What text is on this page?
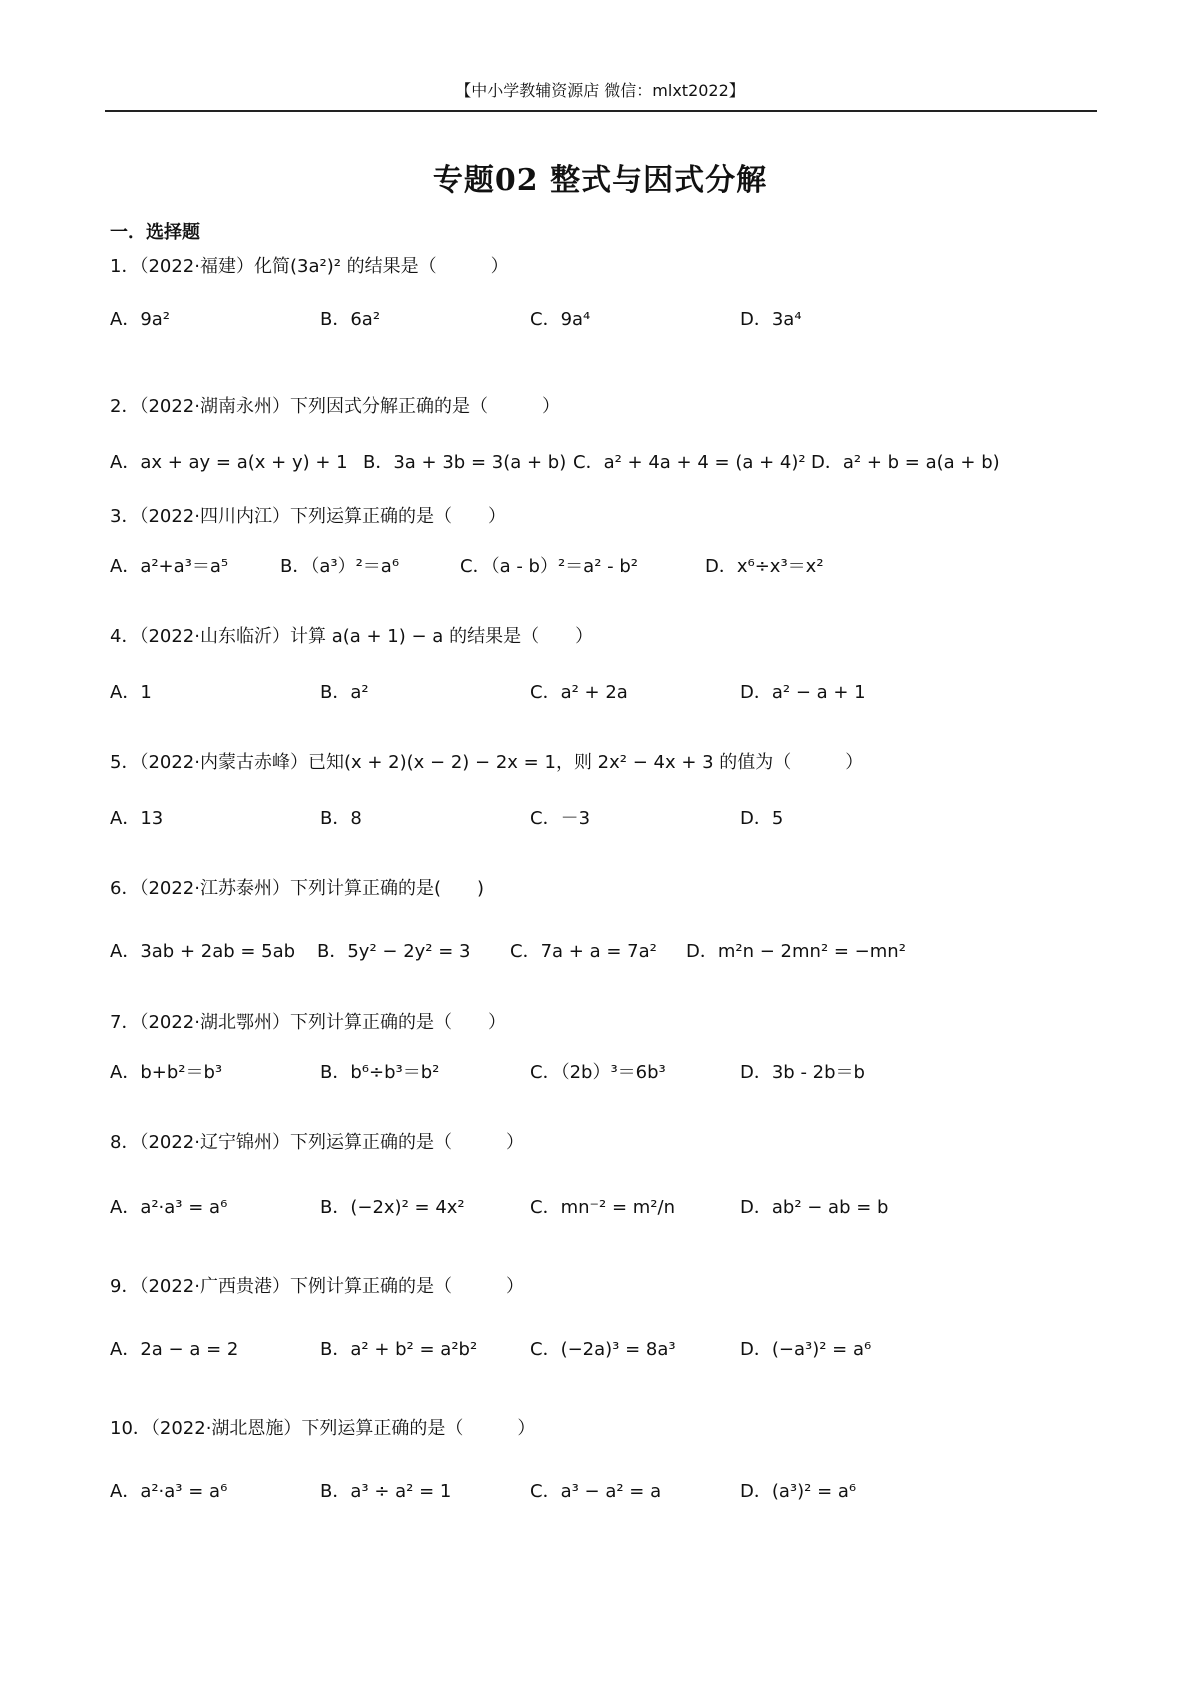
【中小学教辅资源店 微信：mlxt2022】
专题02 整式与因式分解
一．选择题
1．（2022·福建）化简(3a²)² 的结果是（　　　）
A．9a²	B．6a²	C．9a⁴	D．3a⁴
2．（2022·湖南永州）下列因式分解正确的是（　　　）
A．ax + ay = a(x + y) + 1 B．3a + 3b = 3(a + b) C．a² + 4a + 4 = (a + 4)² D．a² + b = a(a + b)
3．（2022·四川内江）下列运算正确的是（　　）
A．a²+a³＝a⁵	B．（a³）²＝a⁶	C．（a - b）²＝a² - b²	D．x⁶÷x³＝x²
4．（2022·山东临沂）计算 a(a + 1) − a 的结果是（　　）
A．1	B．a²	C．a² + 2a	D．a² − a + 1
5．（2022·内蒙古赤峰）已知(x + 2)(x − 2) − 2x = 1，则 2x² − 4x + 3 的值为（　　　）
A．13	B．8	C．－3	D．5
6．（2022·江苏泰州）下列计算正确的是(　　)
A．3ab + 2ab = 5ab B．5y² − 2y² = 3 C．7a + a = 7a² D．m²n − 2mn² = −mn²
7．（2022·湖北鄂州）下列计算正确的是（　　）
A．b+b²＝b³	B．b⁶÷b³＝b²	C．（2b）³＝6b³	D．3b - 2b＝b
8．（2022·辽宁锦州）下列运算正确的是（　　　）
A．a²·a³ = a⁶	B．(−2x)² = 4x²	C．mn⁻² = m²/n	D．ab² − ab = b
9．（2022·广西贵港）下例计算正确的是（　　　）
A．2a − a = 2	B．a² + b² = a²b²	C．(−2a)³ = 8a³	D．(−a³)² = a⁶
10．（2022·湖北恩施）下列运算正确的是（　　　）
A．a²·a³ = a⁶	B．a³ ÷ a² = 1	C．a³ − a² = a	D．(a³)² = a⁶
